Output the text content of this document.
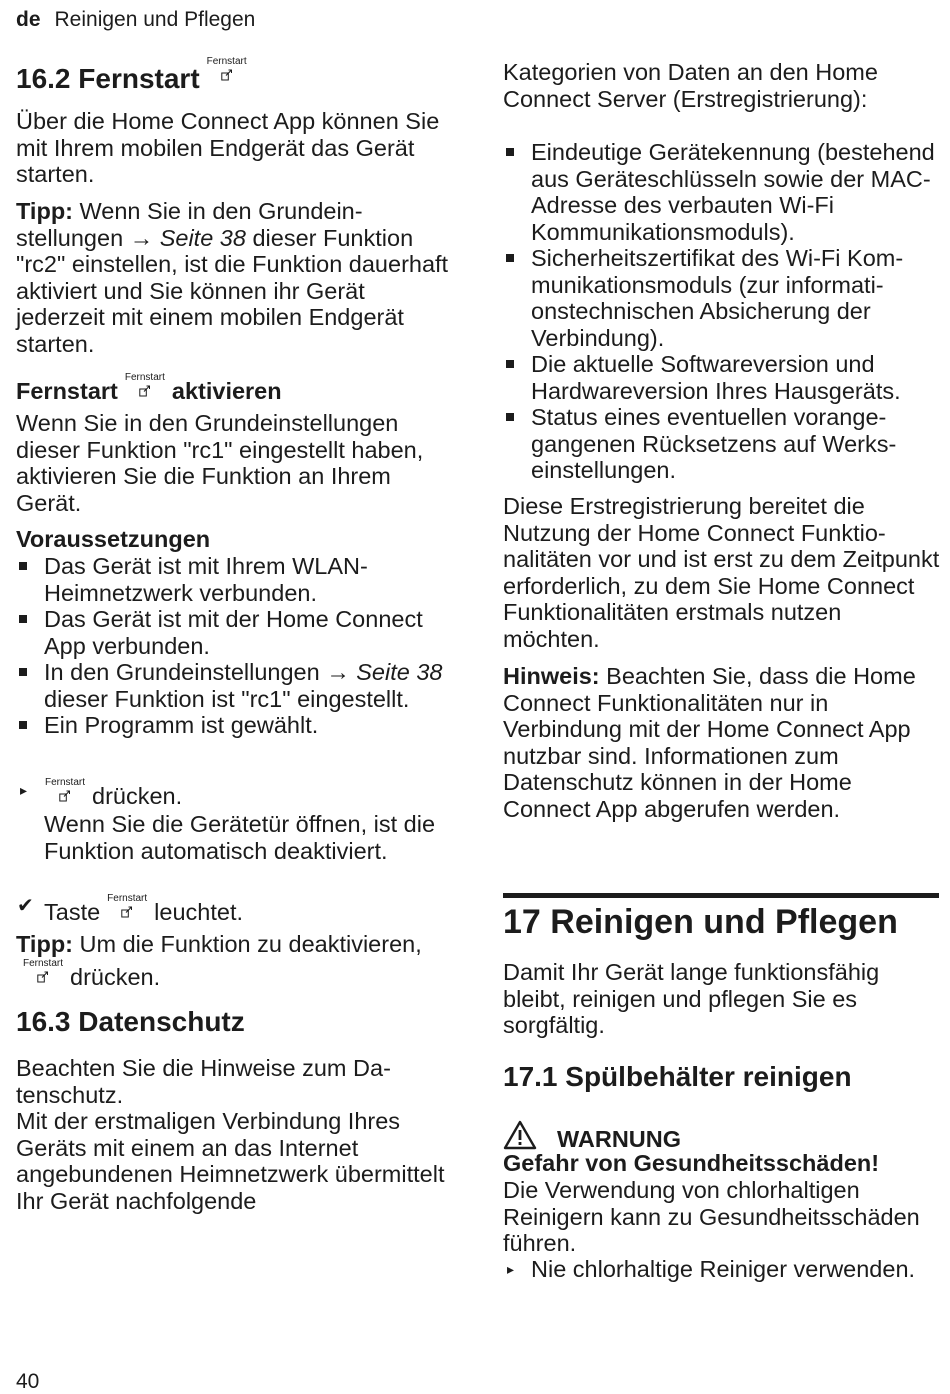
de Reinigen und Pflegen
16.2 Fernstart
Fernstart

Über die Home Connect App können Sie mit Ihrem mobilen Endgerät das Gerät starten.

Tipp: Wenn Sie in den Grundeinstellungen → Seite 38 dieser Funktion "rc2" einstellen, ist die Funktion dauerhaft aktiviert und Sie können ihr Gerät jederzeit mit einem mobilen Endgerät starten.

Fernstart
Fernstart
aktivieren

Wenn Sie in den Grundeinstellungen dieser Funktion "rc1" eingestellt haben, aktivieren Sie die Funktion an Ihrem Gerät.

Voraussetzungen
Das Gerät ist mit Ihrem WLAN-Heimnetzwerk verbunden.
Das Gerät ist mit der Home Connect App verbunden.
In den Grundeinstellungen → Seite 38 dieser Funktion ist "rc1" eingestellt.
Ein Programm ist gewählt.
▸ Fernstart
drücken.

Wenn Sie die Gerätetür öffnen, ist die Funktion automatisch deaktiviert.

✔ Taste
Fernstart
leuchtet.

Tipp: Um die Funktion zu deaktivieren,
Fernstart
drücken.

16.3 Datenschutz

Beachten Sie die Hinweise zum Datenschutz.

Mit der erstmaligen Verbindung Ihres Geräts mit einem an das Internet angebundenen Heimnetzwerk übermittelt Ihr Gerät nachfolgende

Kategorien von Daten an den Home Connect Server (Erstregistrierung):

Eindeutige Gerätekennung (bestehend aus Geräteschlüsseln sowie der MAC-Adresse des verbauten Wi-Fi Kommunikationsmoduls).
Sicherheitszertifikat des Wi-Fi Kommunikationsmoduls (zur informationstechnischen Absicherung der Verbindung).
Die aktuelle Softwareversion und Hardwareversion Ihres Hausgeräts.
Status eines eventuellen vorangegangenen Rücksetzens auf Werkseinstellungen.

Diese Erstregistrierung bereitet die Nutzung der Home Connect Funktionalitäten vor und ist erst zu dem Zeitpunkt erforderlich, zu dem Sie Home Connect Funktionalitäten erstmals nutzen möchten.

Hinweis: Beachten Sie, dass die Home Connect Funktionalitäten nur in Verbindung mit der Home Connect App nutzbar sind. Informationen zum Datenschutz können in der Home Connect App abgerufen werden.

17 Reinigen und Pflegen

Damit Ihr Gerät lange funktionsfähig bleibt, reinigen und pflegen Sie es sorgfältig.

17.1 Spülbehälter reinigen
WARNUNG
Gefahr von Gesundheitsschäden!

Die Verwendung von chlorhaltigen Reinigern kann zu Gesundheitsschäden führen.

▸ Nie chlorhaltige Reiniger verwenden.
40
